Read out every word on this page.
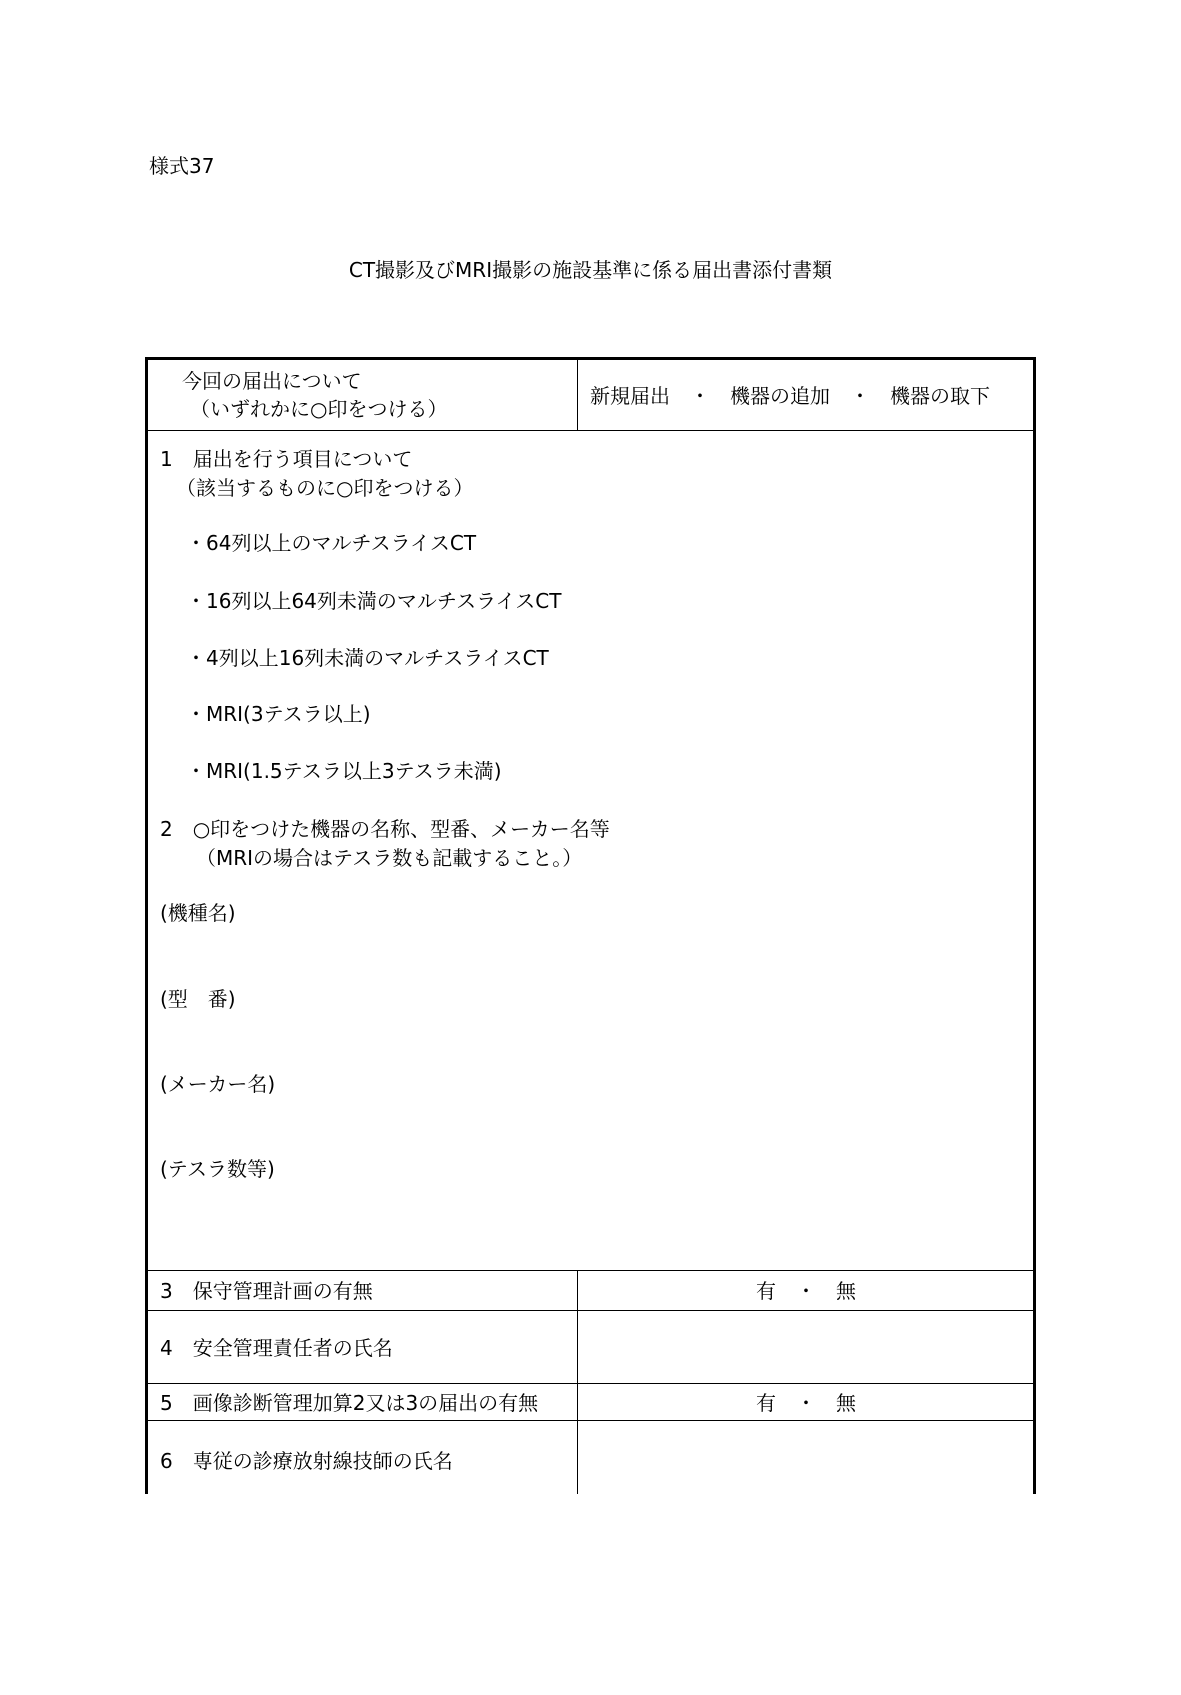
様式37
CT撮影及びMRI撮影の施設基準に係る届出書添付書類
今回の届出について
（いずれかに○印をつける）
新規届出　・　機器の追加　・　機器の取下
1　届出を行う項目について
（該当するものに○印をつける）
・64列以上のマルチスライスCT
・16列以上64列未満のマルチスライスCT
・4列以上16列未満のマルチスライスCT
・MRI(3テスラ以上)
・MRI(1.5テスラ以上3テスラ未満)
2　○印をつけた機器の名称、型番、メーカー名等
（MRIの場合はテスラ数も記載すること。）
(機種名)
(型　番)
(メーカー名)
(テスラ数等)
3　保守管理計画の有無	有　・　無
4　安全管理責任者の氏名
5　画像診断管理加算2又は3の届出の有無	有　・　無
6　専従の診療放射線技師の氏名
